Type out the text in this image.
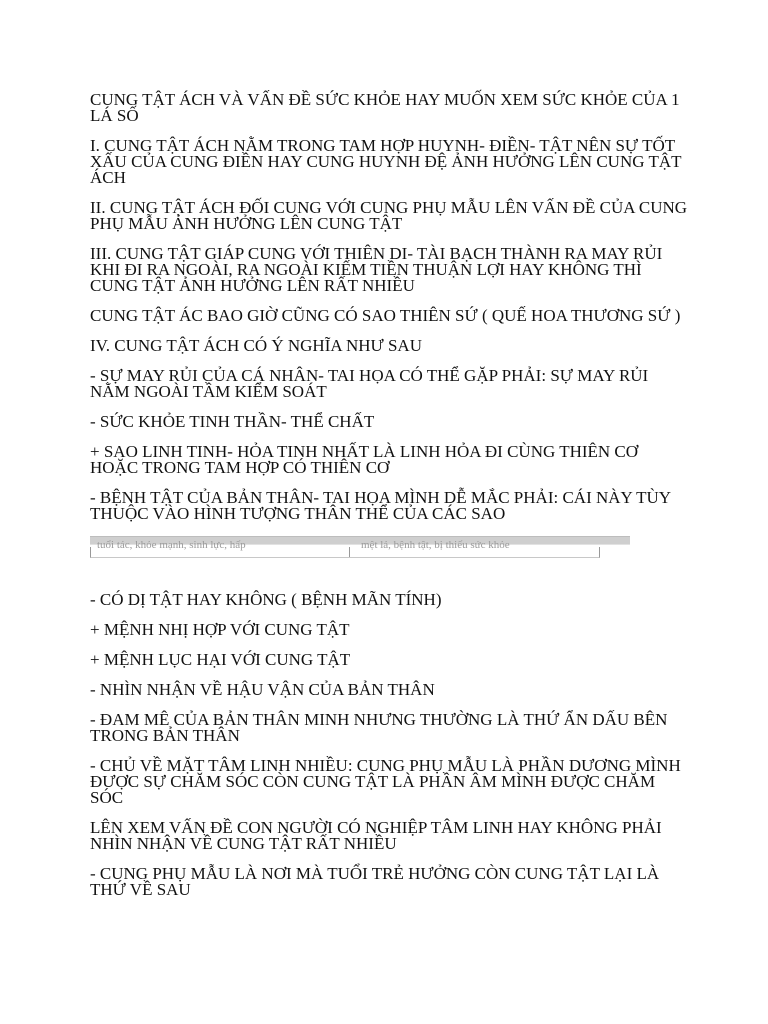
CUNG TẬT ÁCH VÀ VẤN ĐỀ SỨC KHỎE HAY MUỐN XEM SỨC KHỎE CỦA 1 LÁ SỐ

I. CUNG TẬT ÁCH NẰM TRONG TAM HỢP HUYNH- ĐIỀN- TẬT NÊN SỰ TỐT XẤU CỦA CUNG ĐIỀN HAY CUNG HUYNH ĐỆ ẢNH HƯỞNG LÊN CUNG TẬT ÁCH

II. CUNG TẬT ÁCH ĐỐI CUNG VỚI CUNG PHỤ MẪU LÊN VẤN ĐỀ CỦA CUNG PHỤ MẪU ẢNH HƯỞNG LÊN CUNG TẬT

III. CUNG TẬT GIÁP CUNG VỚI THIÊN DI- TÀI BẠCH THÀNH RA MAY RỦI KHI ĐI RA NGOÀI, RA NGOÀI KIẾM TIỀN THUẬN LỢI HAY KHÔNG THÌ CUNG TẬT ẢNH HƯỞNG LÊN RẤT NHIỀU

CUNG TẬT ÁC BAO GIỜ CŨNG CÓ SAO THIÊN SỨ ( QUẾ HOA THƯƠNG SỨ )

IV. CUNG TẬT ÁCH CÓ Ý NGHĨA NHƯ SAU

- SỰ MAY RỦI CỦA CÁ NHÂN- TAI HỌA CÓ THỂ GẶP PHẢI: SỰ MAY RỦI NẰM NGOÀI TẦM KIỂM SOÁT

- SỨC KHỎE TINH THẦN- THỂ CHẤT

+ SAO LINH TINH- HỎA TINH NHẤT LÀ LINH HỎA ĐI CÙNG THIÊN CƠ HOẶC TRONG TAM HỢP CÓ THIÊN CƠ

- BỆNH TẬT CỦA BẢN THÂN- TAI HỌA MÌNH DỄ MẮC PHẢI: CÁI NÀY TÙY THUỘC VÀO HÌNH TƯỢNG THÂN THỂ CỦA CÁC SAO

tuổi tác, khỏe mạnh, sinh lực, hấp	mệt lả, bệnh tật, bị thiếu sức khỏe

- CÓ DỊ TẬT HAY KHÔNG ( BỆNH MÃN TÍNH)

+ MỆNH NHỊ HỢP VỚI CUNG TẬT

+ MỆNH LỤC HẠI VỚI CUNG TẬT

- NHÌN NHẬN VỀ HẬU VẬN CỦA BẢN THÂN

- ĐAM MÊ CỦA BẢN THÂN MINH NHƯNG THƯỜNG LÀ THỨ ẨN DẤU BÊN TRONG BẢN THÂN

- CHỦ VỀ MẶT TÂM LINH NHIỀU: CUNG PHỤ MẪU LÀ PHẦN DƯƠNG MÌNH ĐƯỢC SỰ CHĂM SÓC CÒN CUNG TẬT LÀ PHẦN ÂM MÌNH ĐƯỢC CHĂM SÓC

LÊN XEM VẤN ĐỀ CON NGƯỜI CÓ NGHIỆP TÂM LINH HAY KHÔNG PHẢI NHÌN NHẬN VỀ CUNG TẬT RẤT NHIỀU

- CUNG PHỤ MẪU LÀ NƠI MÀ TUỔI TRẺ HƯỞNG CÒN CUNG TẬT LẠI LÀ THỨ VỀ SAU
